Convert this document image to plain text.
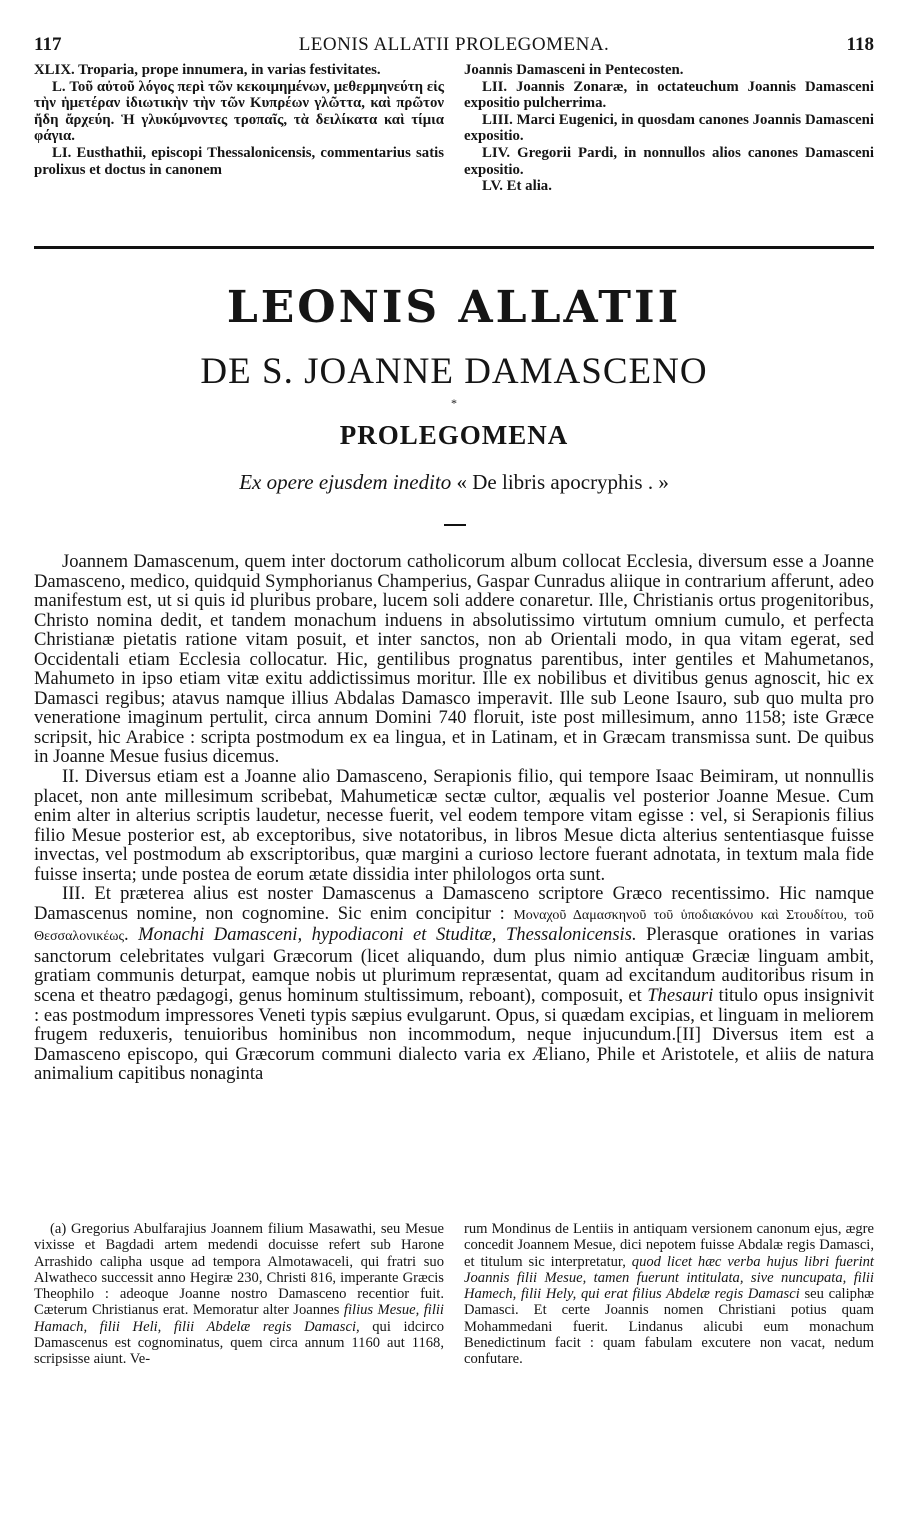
117	LEONIS ALLATII PROLEGOMENA.	118

XLIX. Troparia, prope innumera, in varias festivitates.

L. Τοῦ αὐτοῦ λόγος περὶ τῶν κεκοιμημένων, μεθερμηνεύτη εἰς τὴν ἡμετέραν ἰδιωτικὴν τὴν τῶν Κυπρέων γλῶττα, καὶ πρῶτον ἤδη ἄρχεύη. Ἡ γλυκύμνοντες τροπαῖς, τὰ δειλίκατα καὶ τίμια φάγια.

LI. Eusthathii, episcopi Thessalonicensis, commentarius satis prolixus et doctus in canonem

Joannis Damasceni in Pentecosten.

LII. Joannis Zonaræ, in octateuchum Joannis Damasceni expositio pulcherrima.

LIII. Marci Eugenici, in quosdam canones Joannis Damasceni expositio.

LIV. Gregorii Pardi, in nonnullos alios canones Damasceni expositio.

LV. Et alia.

LEONIS ALLATII
DE S. JOANNE DAMASCENO
*
PROLEGOMENA
Ex opere ejusdem inedito « De libris apocryphis . »

Joannem Damascenum, quem inter doctorum catholicorum album collocat Ecclesia, diversum esse a Joanne Damasceno, medico, quidquid Symphorianus Champerius, Gaspar Cunradus aliique in contrarium afferunt, adeo manifestum est, ut si quis id pluribus probare, lucem soli addere conaretur. Ille, Christianis ortus progenitoribus, Christo nomina dedit, et tandem monachum induens in absolutissimo virtutum omnium cumulo, et perfecta Christianæ pietatis ratione vitam posuit, et inter sanctos, non ab Orientali modo, in qua vitam egerat, sed Occidentali etiam Ecclesia collocatur. Hic, gentilibus prognatus parentibus, inter gentiles et Mahumetanos, Mahumeto in ipso etiam vitæ exitu addictissimus moritur. Ille ex nobilibus et divitibus genus agnoscit, hic ex Damasci regibus; atavus namque illius Abdalas Damasco imperavit. Ille sub Leone Isauro, sub quo multa pro veneratione imaginum pertulit, circa annum Domini 740 floruit, iste post millesimum, anno 1158; iste Græce scripsit, hic Arabice : scripta postmodum ex ea lingua, et in Latinam, et in Græcam transmissa sunt. De quibus in Joanne Mesue fusius dicemus.

II. Diversus etiam est a Joanne alio Damasceno, Serapionis filio, qui tempore Isaac Beimiram, ut nonnullis placet, non ante millesimum scribebat, Mahumeticæ sectæ cultor, æqualis vel posterior Joanne Mesue. Cum enim alter in alterius scriptis laudetur, necesse fuerit, vel eodem tempore vitam egisse : vel, si Serapionis filius filio Mesue posterior est, ab exceptoribus, sive notatoribus, in libros Mesue dicta alterius sententiasque fuisse invectas, vel postmodum ab exscriptoribus, quæ margini a curioso lectore fuerant adnotata, in textum mala fide fuisse inserta; unde postea de eorum ætate dissidia inter philologos orta sunt.

III. Et præterea alius est noster Damascenus a Damasceno scriptore Græco recentissimo. Hic namque Damascenus nomine, non cognomine. Sic enim concipitur : Μοναχοῦ Δαμασκηνοῦ τοῦ ὑποδιακόνου καὶ Στουδίτου, τοῦ Θεσσαλονικέως. Monachi Damasceni, hypodiaconi et Studitæ, Thessalonicensis. Plerasque orationes in varias sanctorum celebritates vulgari Græcorum (licet aliquando, dum plus nimio antiquæ Græciæ linguam ambit, gratiam communis deturpat, eamque nobis ut plurimum repræsentat, quam ad excitandum auditoribus risum in scena et theatro pædagogi, genus hominum stultissimum, reboant), composuit, et Thesauri titulo opus insignivit : eas postmodum impressores Veneti typis sæpius evulgarunt. Opus, si quædam excipias, et linguam in meliorem frugem reduxeris, tenuioribus hominibus non incommodum, neque injucundum.[II] Diversus item est a Damasceno episcopo, qui Græcorum communi dialecto varia ex Æliano, Phile et Aristotele, et aliis de natura animalium capitibus nonaginta

(a) Gregorius Abulfarajius Joannem filium Masawathi, seu Mesue vixisse et Bagdadi artem medendi docuisse refert sub Harone Arrashido calipha usque ad tempora Almotawaceli, qui fratri suo Alwatheco successit anno Hegiræ 230, Christi 816, imperante Græcis Theophilo : adeoque Joanne nostro Damasceno recentior fuit. Cæterum Christianus erat. Memoratur alter Joannes filius Mesue, filii Hamach, filii Heli, filii Abdelæ regis Damasci, qui idcirco Damascenus est cognominatus, quem circa annum 1160 aut 1168, scripsisse aiunt. Ve-

rum Mondinus de Lentiis in antiquam versionem canonum ejus, ægre concedit Joannem Mesue, dici nepotem fuisse Abdalæ regis Damasci, et titulum sic interpretatur, quod licet hæc verba hujus libri fuerint Joannis filii Mesue, tamen fuerunt intitulata, sive nuncupata, filii Hamech, filii Hely, qui erat filius Abdelæ regis Damasci seu caliphæ Damasci. Et certe Joannis nomen Christiani potius quam Mohammedani fuerit. Lindanus alicubi eum monachum Benedictinum facit : quam fabulam excutere non vacat, nedum confutare.
